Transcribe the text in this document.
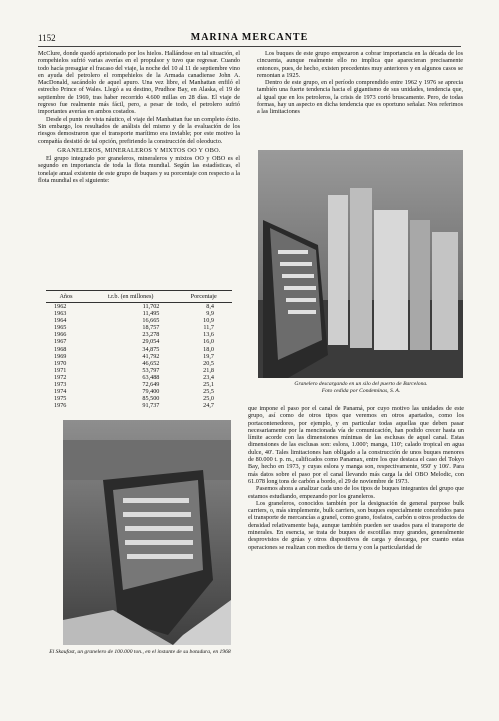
1152	MARINA MERCANTE

McClure, donde quedó aprisionado por los hielos. Hallándose en tal situación, el rompehielos sufrió varias averías en el propulsor y tuvo que regresar. Cuando todo hacía presagiar el fracaso del viaje, la noche del 10 al 11 de septiembre vino en ayuda del petrolero el rompehielos de la Armada canadiense John A. MacDonald, sacándolo de aquel apuro. Una vez libre, el Manhattan enfiló el estrecho Prince of Wales. Llegó a su destino, Prudhoe Bay, en Alaska, el 19 de septiembre de 1969, tras haber recorrido 4.600 millas en 28 días. El viaje de regreso fue realmente más fácil, pero, a pesar de todo, el petrolero sufrió importantes averías en ambos costados.

Desde el punto de vista náutico, el viaje del Manhattan fue un completo éxito. Sin embargo, los resultados de análisis del mismo y de la evaluación de los riesgos demostraron que el transporte marítimo era inviable; por este motivo la compañía desistió de tal opción, prefiriendo la construcción del oleoducto.

GRANELEROS, MINERALEROS Y MIXTOS OO Y OBO.

El grupo integrado por graneleros, mineraleros y mixtos OO y OBO es el segundo en importancia de toda la flota mundial. Según las estadísticas, el tonelaje anual existente de este grupo de buques y su porcentaje con respecto a la flota mundial es el siguiente:

Años	t.r.b. (en millones)	Porcentaje
1962	11,702	8,4
1963	11,495	9,9
1964	16,665	10,9
1965	18,757	11,7
1966	23,278	13,6
1967	29,054	16,0
1968	34,875	18,0
1969	41,792	19,7
1970	46,652	20,5
1971	53,797	21,8
1972	63,488	23,4
1973	72,649	25,1
1974	79,400	25,5
1975	85,500	25,0
1976	91,737	24,7

Los buques de este grupo empezaron a cobrar importancia en la década de los cincuenta, aunque realmente ello no implica que aparecieran precisamente entonces, pues, de hecho, existen precedentes muy anteriores y en algunos casos se remontan a 1925.

Dentro de este grupo, en el período comprendido entre 1962 y 1976 se aprecia también una fuerte tendencia hacia el gigantismo de sus unidades, tendencia que, al igual que en los petroleros, la crisis de 1973 cortó bruscamente. Pero, de todas formas, hay un aspecto en dicha tendencia que es oportuno señalar. Nos referimos a las limitaciones

Granelero descargando en un silo del puerto de Barcelona.
Foto cedida por Condeminas, S. A.
El Skaufast, un granelero de 100.000 ton., en el instante de su botadura, en 1968

que impone el paso por el canal de Panamá, por cuyo motivo las unidades de este grupo, así como de otros tipos que veremos en otros apartados, como los portacontenedores, por ejemplo, y en particular todas aquellas que deben pasar necesariamente por la mencionada vía de comunicación, han podido crecer hasta un límite acorde con las dimensiones mínimas de las esclusas de aquel canal. Estas dimensiones de las esclusas son: eslora, 1.000'; manga, 110'; calado tropical en agua dulce, 40'. Tales limitaciones han obligado a la construcción de unos buques menores de 80.000 t. p. m., calificados como Panamax, entre los que destaca el caso del Tokyo Bay, hecho en 1973, y cuyas eslora y manga son, respectivamente, 950' y 106'. Para más datos sobre el paso por el canal llevando más carga la del OBO Melodic, con 61.078 long tons de carbón a bordo, el 29 de noviembre de 1973.

Pasemos ahora a analizar cada uno de los tipos de buques integrantes del grupo que estamos estudiando, empezando por los graneleros.

Los graneleros, conocidos también por la designación de general purpose bulk carriers, o, más simplemente, bulk carriers, son buques especialmente concebidos para el transporte de mercancías a granel, como grano, fosfatos, carbón u otros productos de densidad relativamente baja, aunque también pueden ser usados para el transporte de minerales. En esencia, se trata de buques de escotillas muy grandes, generalmente desprovistos de grúas y otros dispositivos de carga y descarga, por cuanto estas operaciones se realizan con medios de tierra y con la particularidad de
